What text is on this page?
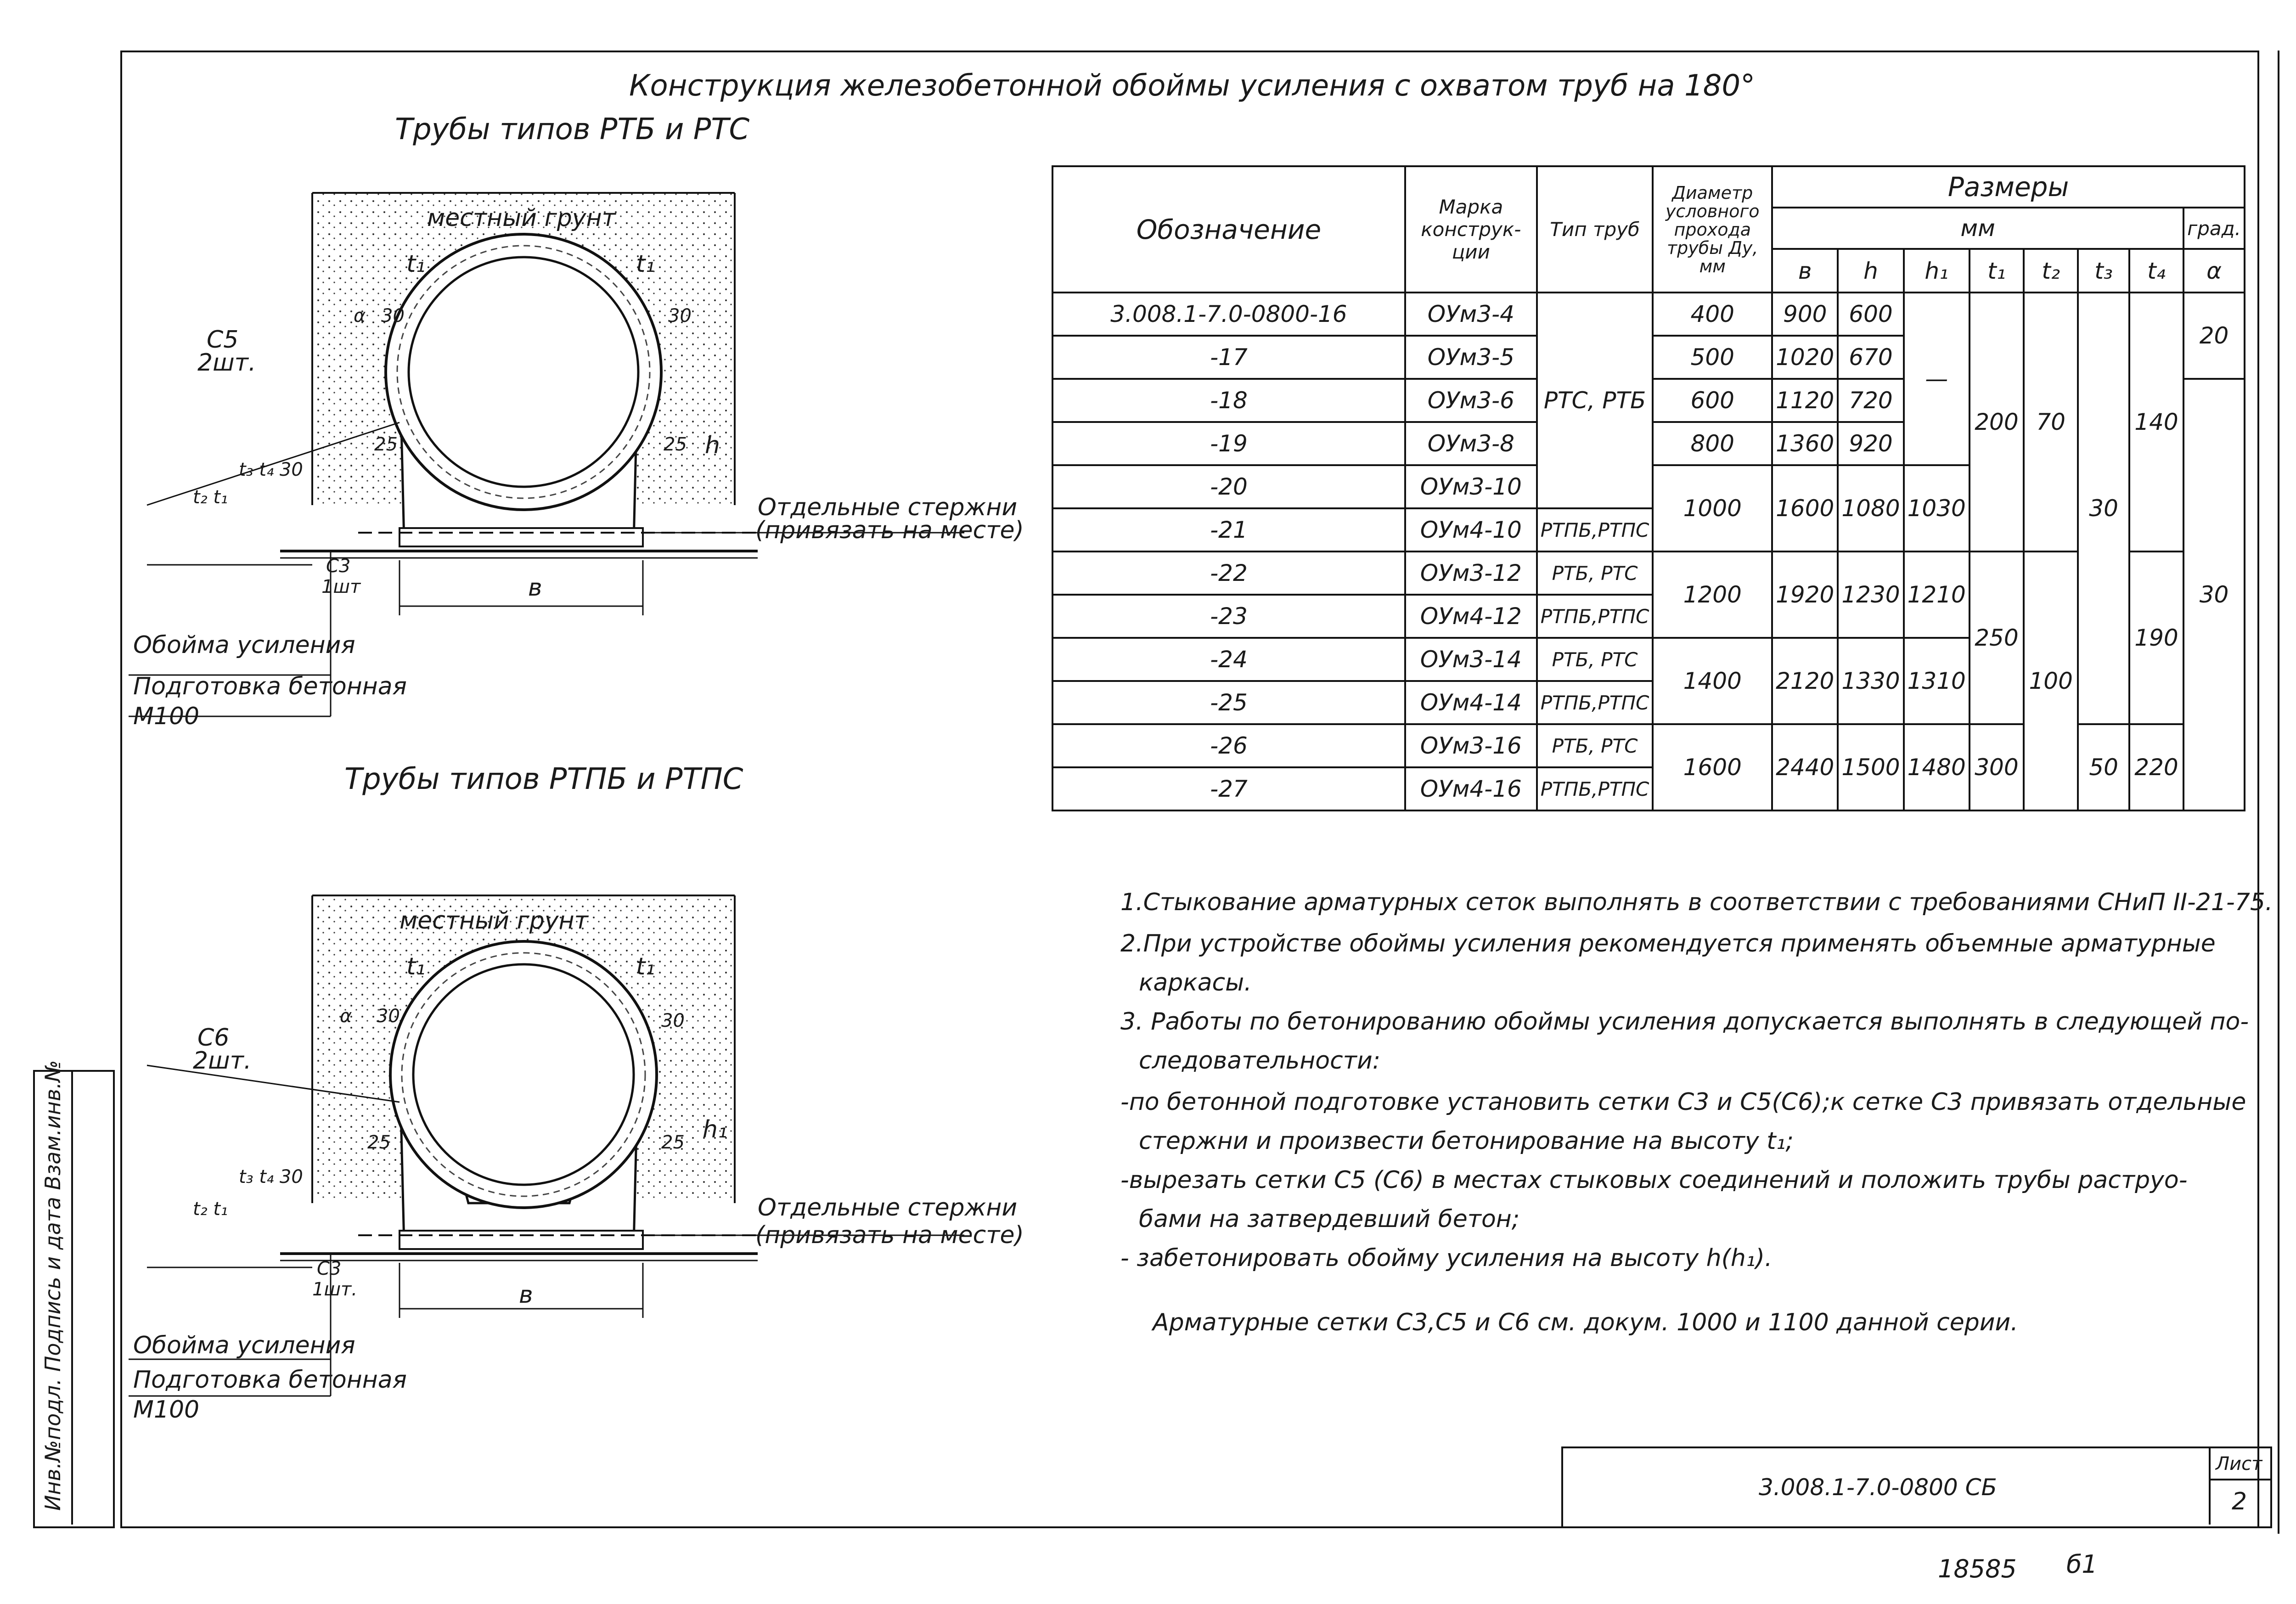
Инв.№подл. Подпись и дата Взам.инв.№
Конструкция железобетонной обоймы усиления с охватом труб на 180°
Трубы типов РТБ и РТС
местный грунт
С5
2шт.
α 30	30
t₁	t₁
25	25 h
t₂ t₁
t₃ t₄ 30
Отдельные стержни
(привязать на месте)
С3
1шт	в
Обойма усиления
Подготовка бетонная
М100
Трубы типов РТПБ и РТПС
местный грунт
С6
2шт.
α 30	30
t₁	t₁
25	25 h₁
t₂ t₁
t₃ t₄ 30
Отдельные стержни
(привязать на месте)
С3
1шт.	в
Обойма усиления
Подготовка бетонная
М100
Обозначение	Марка конструк-ции	Тип труб	Диаметр условного прохода трубы Ду, мм	Размеры							
				мм							град.
				в	h	h₁	t₁	t₂	t₃	t₄	α
3.008.1-7.0-0800-16	ОУм3-4	РТС, РТБ	400	900	600	—	200	70	30	140	20
-17	ОУм3-5		500	1020	670						
-18	ОУм3-6		600	1120	720						30
-19	ОУм3-8		800	1360	920						
-20	ОУм3-10		1000	1600	1080	1030					
-21	ОУм4-10	РТПБ,РТПС									
-22	ОУм3-12	РТБ, РТС	1200	1920	1230	1210	250	100		190	
-23	ОУм4-12	РТПБ,РТПС									
-24	ОУм3-14	РТБ, РТС	1400	2120	1330	1310					
-25	ОУм4-14	РТПБ,РТПС									
-26	ОУм3-16	РТБ, РТС	1600	2440	1500	1480	300		50	220	
-27	ОУм4-16	РТПБ,РТПС									
1.Стыкование арматурных сеток выполнять в соответствии с требованиями СНиП II-21-75.
2.При устройстве обоймы усиления рекомендуется применять объемные арматурные
каркасы.
3. Работы по бетонированию обоймы усиления допускается выполнять в следующей по-
следовательности:
-по бетонной подготовке установить сетки С3 и С5(С6);к сетке С3 привязать отдельные
стержни и произвести бетонирование на высоту t₁;
-вырезать сетки С5 (С6) в местах стыковых соединений и положить трубы раструо-
бами на затвердевший бетон;
- забетонировать обойму усиления на высоту h(h₁).
Арматурные сетки С3,С5 и С6 см. докум. 1000 и 1100 данной серии.
3.008.1-7.0-0800 СБ
Лист
2
18585 б1
